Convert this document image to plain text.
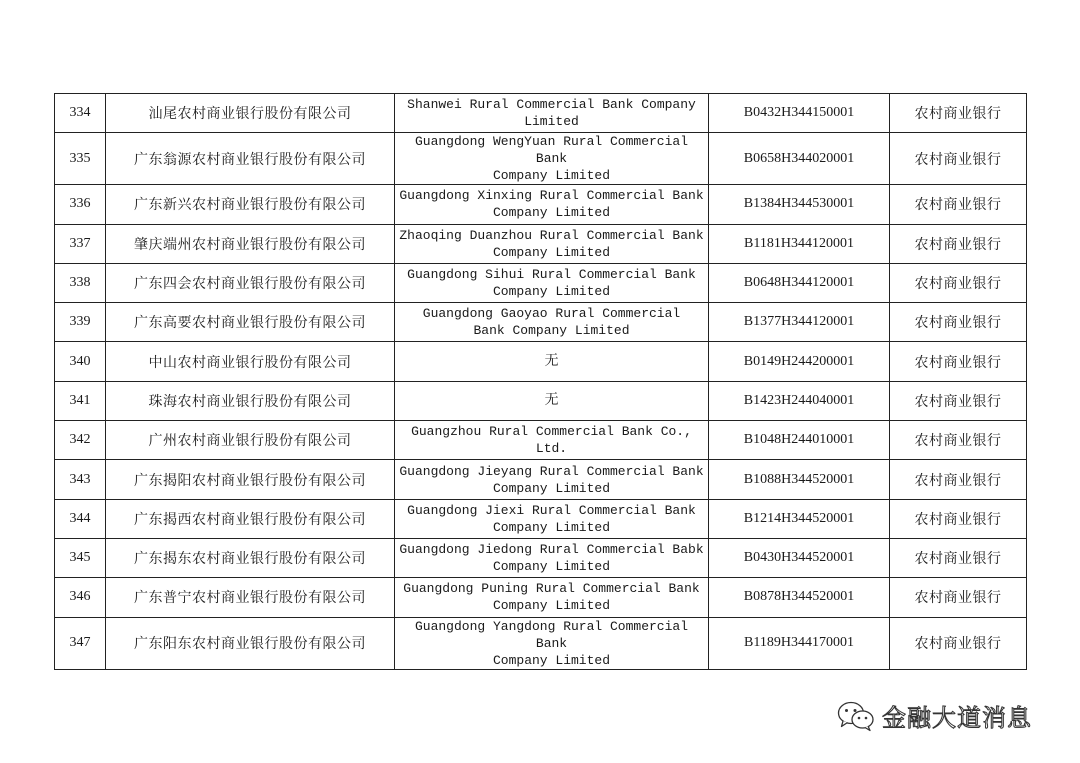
334	汕尾农村商业银行股份有限公司	Shanwei Rural Commercial Bank Company
Limited	B0432H344150001	农村商业银行
335	广东翁源农村商业银行股份有限公司	Guangdong WengYuan Rural Commercial Bank
Company Limited	B0658H344020001	农村商业银行
336	广东新兴农村商业银行股份有限公司	Guangdong Xinxing Rural Commercial Bank
Company Limited	B1384H344530001	农村商业银行
337	肇庆端州农村商业银行股份有限公司	Zhaoqing Duanzhou Rural Commercial Bank
Company Limited	B1181H344120001	农村商业银行
338	广东四会农村商业银行股份有限公司	Guangdong Sihui Rural Commercial Bank
Company Limited	B0648H344120001	农村商业银行
339	广东高要农村商业银行股份有限公司	Guangdong Gaoyao Rural Commercial
Bank Company Limited	B1377H344120001	农村商业银行
340	中山农村商业银行股份有限公司	无	B0149H244200001	农村商业银行
341	珠海农村商业银行股份有限公司	无	B1423H244040001	农村商业银行
342	广州农村商业银行股份有限公司	Guangzhou Rural Commercial Bank Co.,
Ltd.	B1048H244010001	农村商业银行
343	广东揭阳农村商业银行股份有限公司	Guangdong Jieyang Rural Commercial Bank
Company Limited	B1088H344520001	农村商业银行
344	广东揭西农村商业银行股份有限公司	Guangdong Jiexi Rural Commercial Bank
Company Limited	B1214H344520001	农村商业银行
345	广东揭东农村商业银行股份有限公司	Guangdong Jiedong Rural Commercial Babk
Company Limited	B0430H344520001	农村商业银行
346	广东普宁农村商业银行股份有限公司	Guangdong Puning Rural Commercial Bank
Company Limited	B0878H344520001	农村商业银行
347	广东阳东农村商业银行股份有限公司	Guangdong Yangdong Rural Commercial Bank
Company Limited	B1189H344170001	农村商业银行
金融大道消息
